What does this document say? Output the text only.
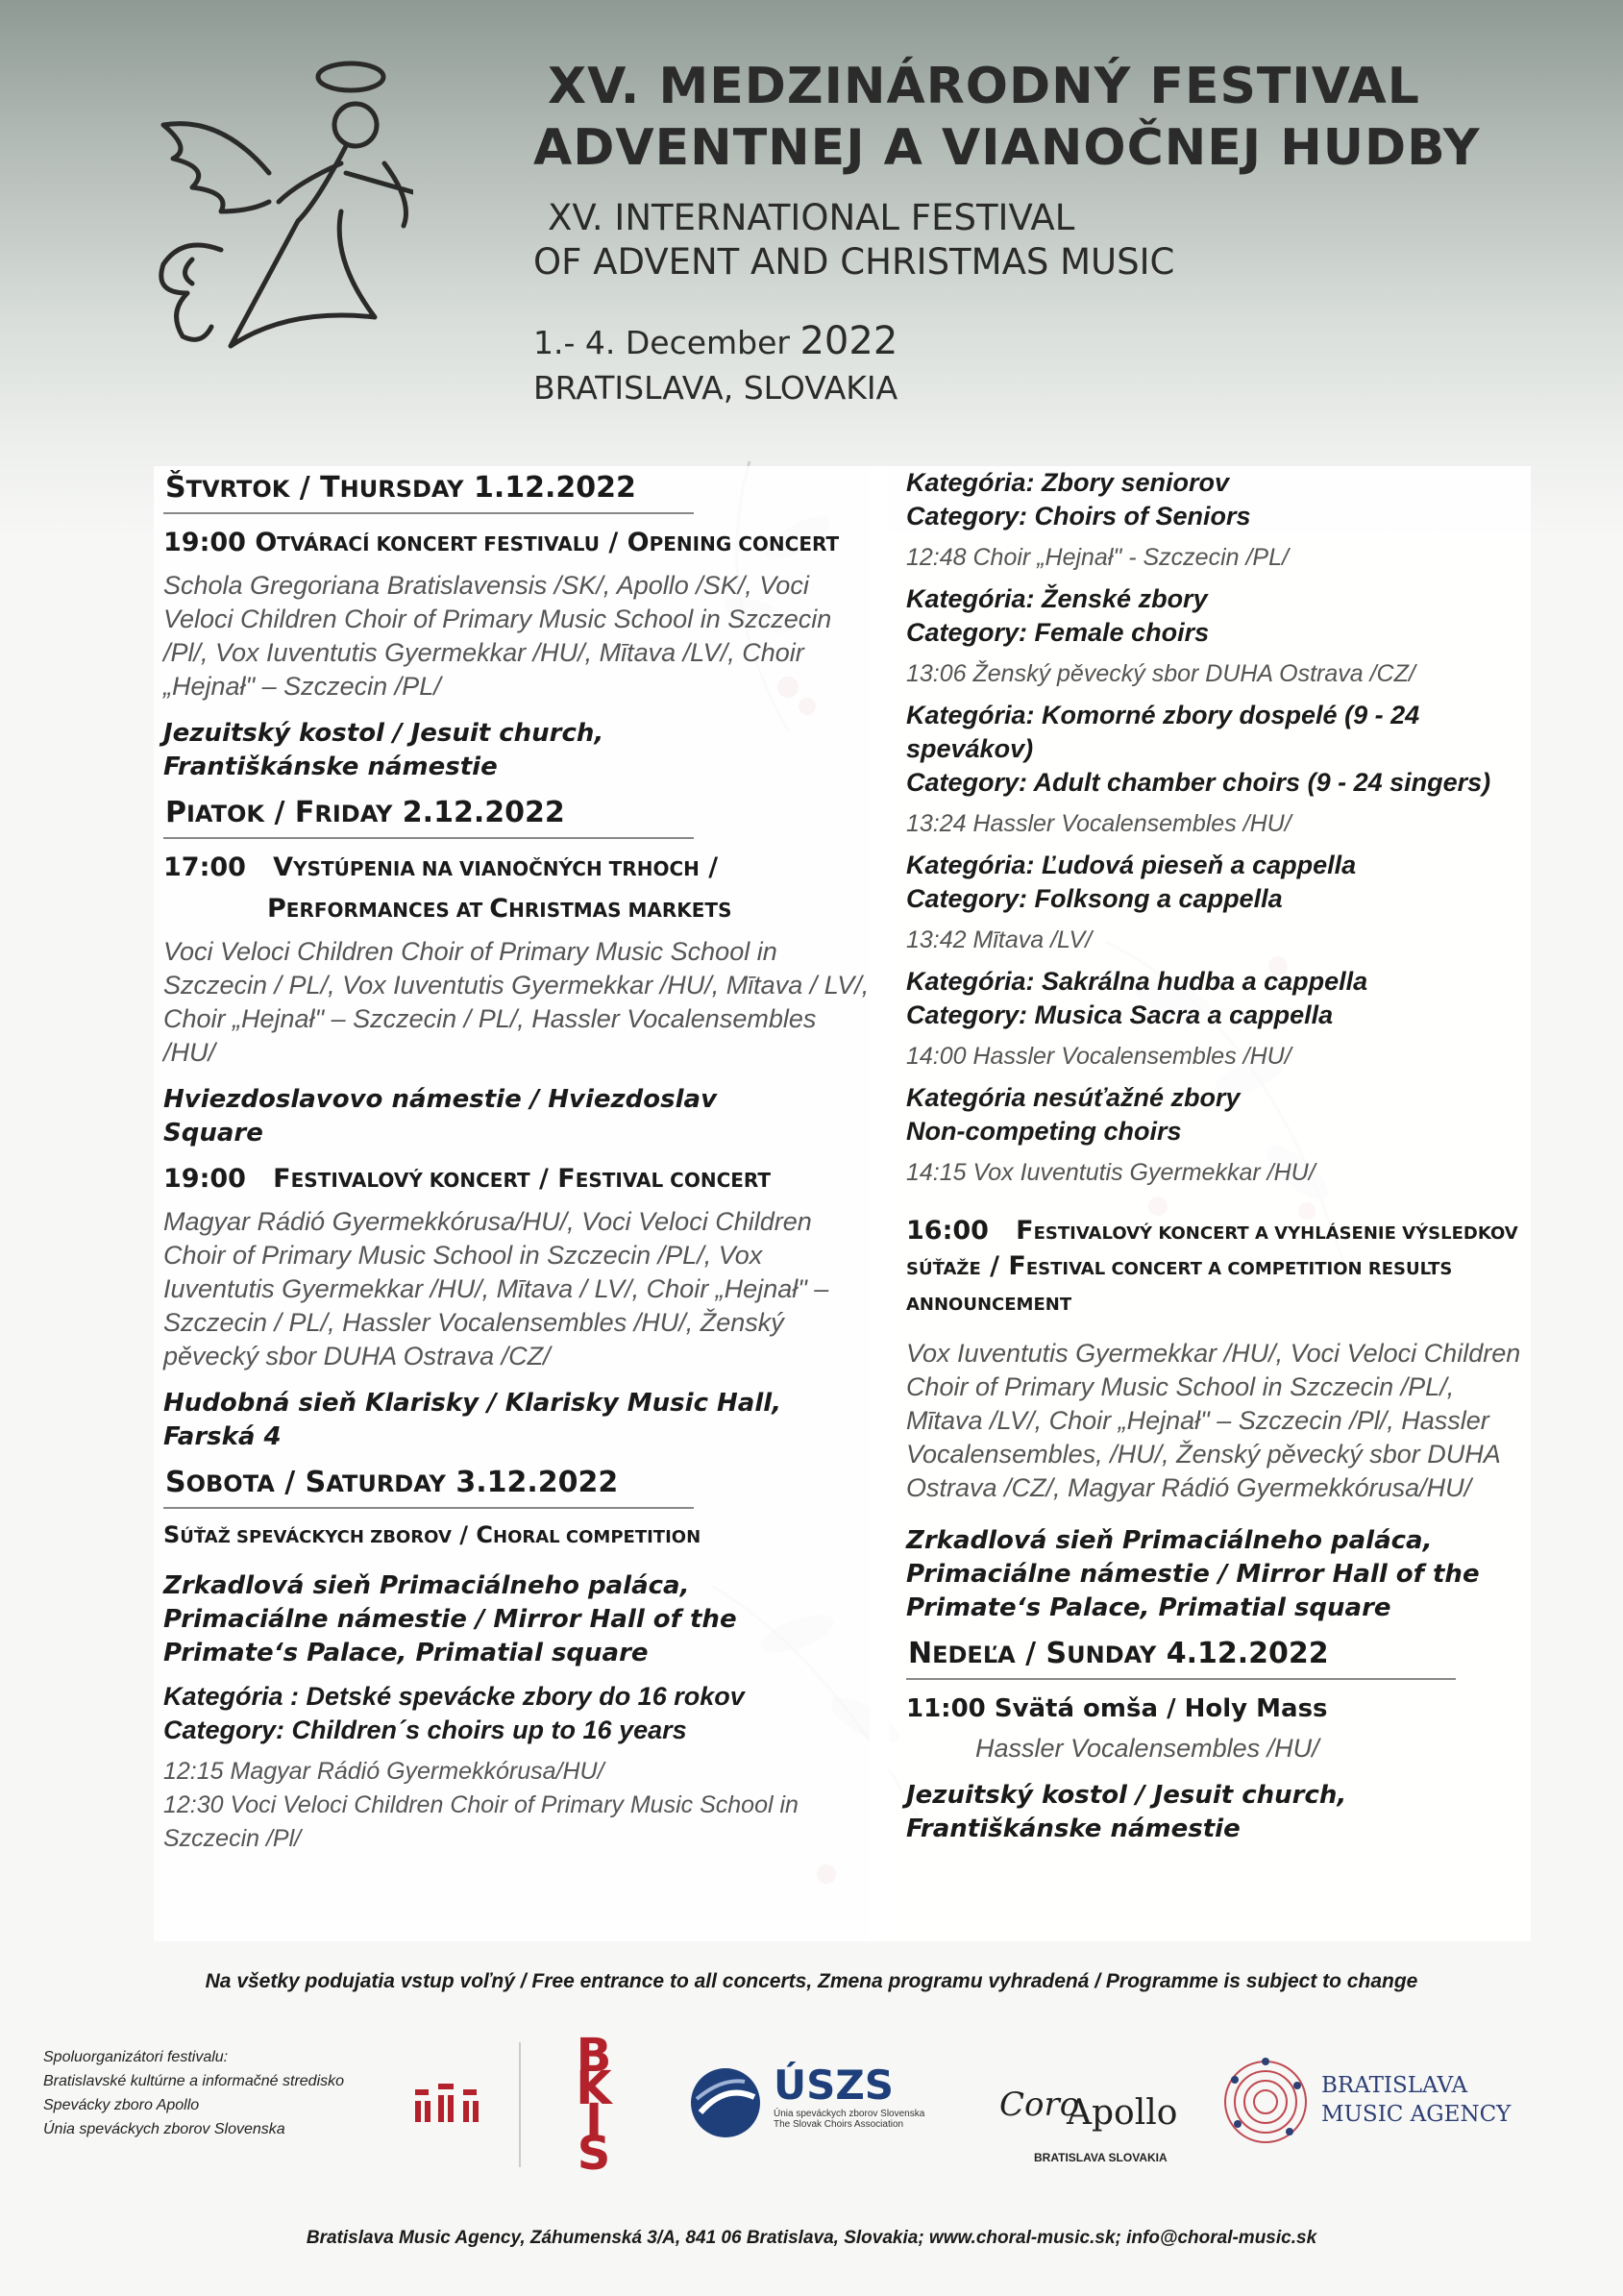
XV. MEDZINÁRODNÝ FESTIVAL

ADVENTNEJ A VIANOČNEJ HUDBY

XV. INTERNATIONAL FESTIVAL

OF ADVENT AND CHRISTMAS MUSIC

1.- 4. December 2022

BRATISLAVA, SLOVAKIA

ŠTVRTOK / THURSDAY 1.12.2022
19:00 OTVÁRACÍ KONCERT FESTIVALU / OPENING CONCERT

Schola Gregoriana Bratislavensis /SK/, Apollo /SK/, Voci Veloci Children Choir of Primary Music School in Szczecin /Pl/, Vox Iuventutis Gyermekkar /HU/, Mītava /LV/, Choir „Hejnał" – Szczecin /PL/

Jezuitský kostol / Jesuit church,
Františkánske námestie

PIATOK / FRIDAY 2.12.2022
17:00   VYSTÚPENIA NA VIANOČNÝCH TRHOCH /
PERFORMANCES AT CHRISTMAS MARKETS

Voci Veloci Children Choir of Primary Music School in Szczecin / PL/, Vox Iuventutis Gyermekkar /HU/, Mītava / LV/, Choir „Hejnał" – Szczecin / PL/, Hassler Vocalensembles /HU/

Hviezdoslavovo námestie / Hviezdoslav
Square

19:00   FESTIVALOVÝ KONCERT / FESTIVAL CONCERT

Magyar Rádió Gyermekkórusa/HU/, Voci Veloci Children Choir of Primary Music School in Szczecin /PL/, Vox Iuventutis Gyermekkar /HU/, Mītava / LV/, Choir „Hejnał" – Szczecin / PL/, Hassler Vocalensembles /HU/, Ženský pěvecký sbor DUHA Ostrava /CZ/

Hudobná sieň Klarisky / Klarisky Music Hall,
Farská 4

SOBOTA / SATURDAY 3.12.2022
SÚŤAŽ SPEVÁCKYCH ZBOROV / CHORAL COMPETITION

Zrkadlová sieň Primaciálneho paláca,
Primaciálne námestie / Mirror Hall of the
Primate‘s Palace, Primatial square

Kategória : Detské spevácke zbory do 16 rokov
Category: Children´s choirs up to 16 years

12:15 Magyar Rádió Gyermekkórusa/HU/
12:30 Voci Veloci Children Choir of Primary Music School in Szczecin /Pl/

Kategória: Zbory seniorov
Category: Choirs of Seniors

12:48 Choir „Hejnał" - Szczecin /PL/

Kategória: Ženské zbory
Category: Female choirs

13:06 Ženský pěvecký sbor DUHA Ostrava /CZ/

Kategória: Komorné zbory dospelé (9 - 24 spevákov)
Category: Adult chamber choirs (9 - 24 singers)

13:24 Hassler Vocalensembles /HU/

Kategória: Ľudová pieseň a cappella
Category: Folksong a cappella

13:42 Mītava /LV/

Kategória: Sakrálna hudba a cappella
Category: Musica Sacra a cappella

14:00 Hassler Vocalensembles /HU/

Kategória nesúťažné zbory
Non-competing choirs

14:15 Vox Iuventutis Gyermekkar /HU/

16:00   FESTIVALOVÝ KONCERT A VYHLÁSENIE VÝSLEDKOV
SÚŤAŽE / FESTIVAL CONCERT A COMPETITION RESULTS ANNOUNCEMENT

Vox Iuventutis Gyermekkar /HU/, Voci Veloci Children Choir of Primary Music School in Szczecin /PL/, Mītava /LV/, Choir „Hejnał" – Szczecin /Pl/, Hassler Vocalensembles, /HU/, Ženský pěvecký sbor DUHA Ostrava /CZ/, Magyar Rádió Gyermekkórusa/HU/

Zrkadlová sieň Primaciálneho paláca,
Primaciálne námestie / Mirror Hall of the
Primate‘s Palace, Primatial square

NEDEĽA / SUNDAY 4.12.2022
11:00 Svätá omša / Holy Mass

Hassler Vocalensembles /HU/

Jezuitský kostol / Jesuit church, Františkánske námestie

Na všetky podujatia vstup voľný / Free entrance to all concerts, Zmena programu vyhradená / Programme is subject to change
Spoluorganizátori festivalu:
Bratislavské kultúrne a informačné stredisko
Spevácky zboro Apollo
Únia speváckych zborov Slovenska
BKIS
ÚSZS
Únia speváckych zborov Slovenska
The Slovak Choirs Association
Coro
Apollo
BRATISLAVA SLOVAKIA
BRATISLAVA
MUSIC AGENCY
Bratislava Music Agency, Záhumenská 3/A, 841 06 Bratislava, Slovakia; www.choral-music.sk; info@choral-music.sk
